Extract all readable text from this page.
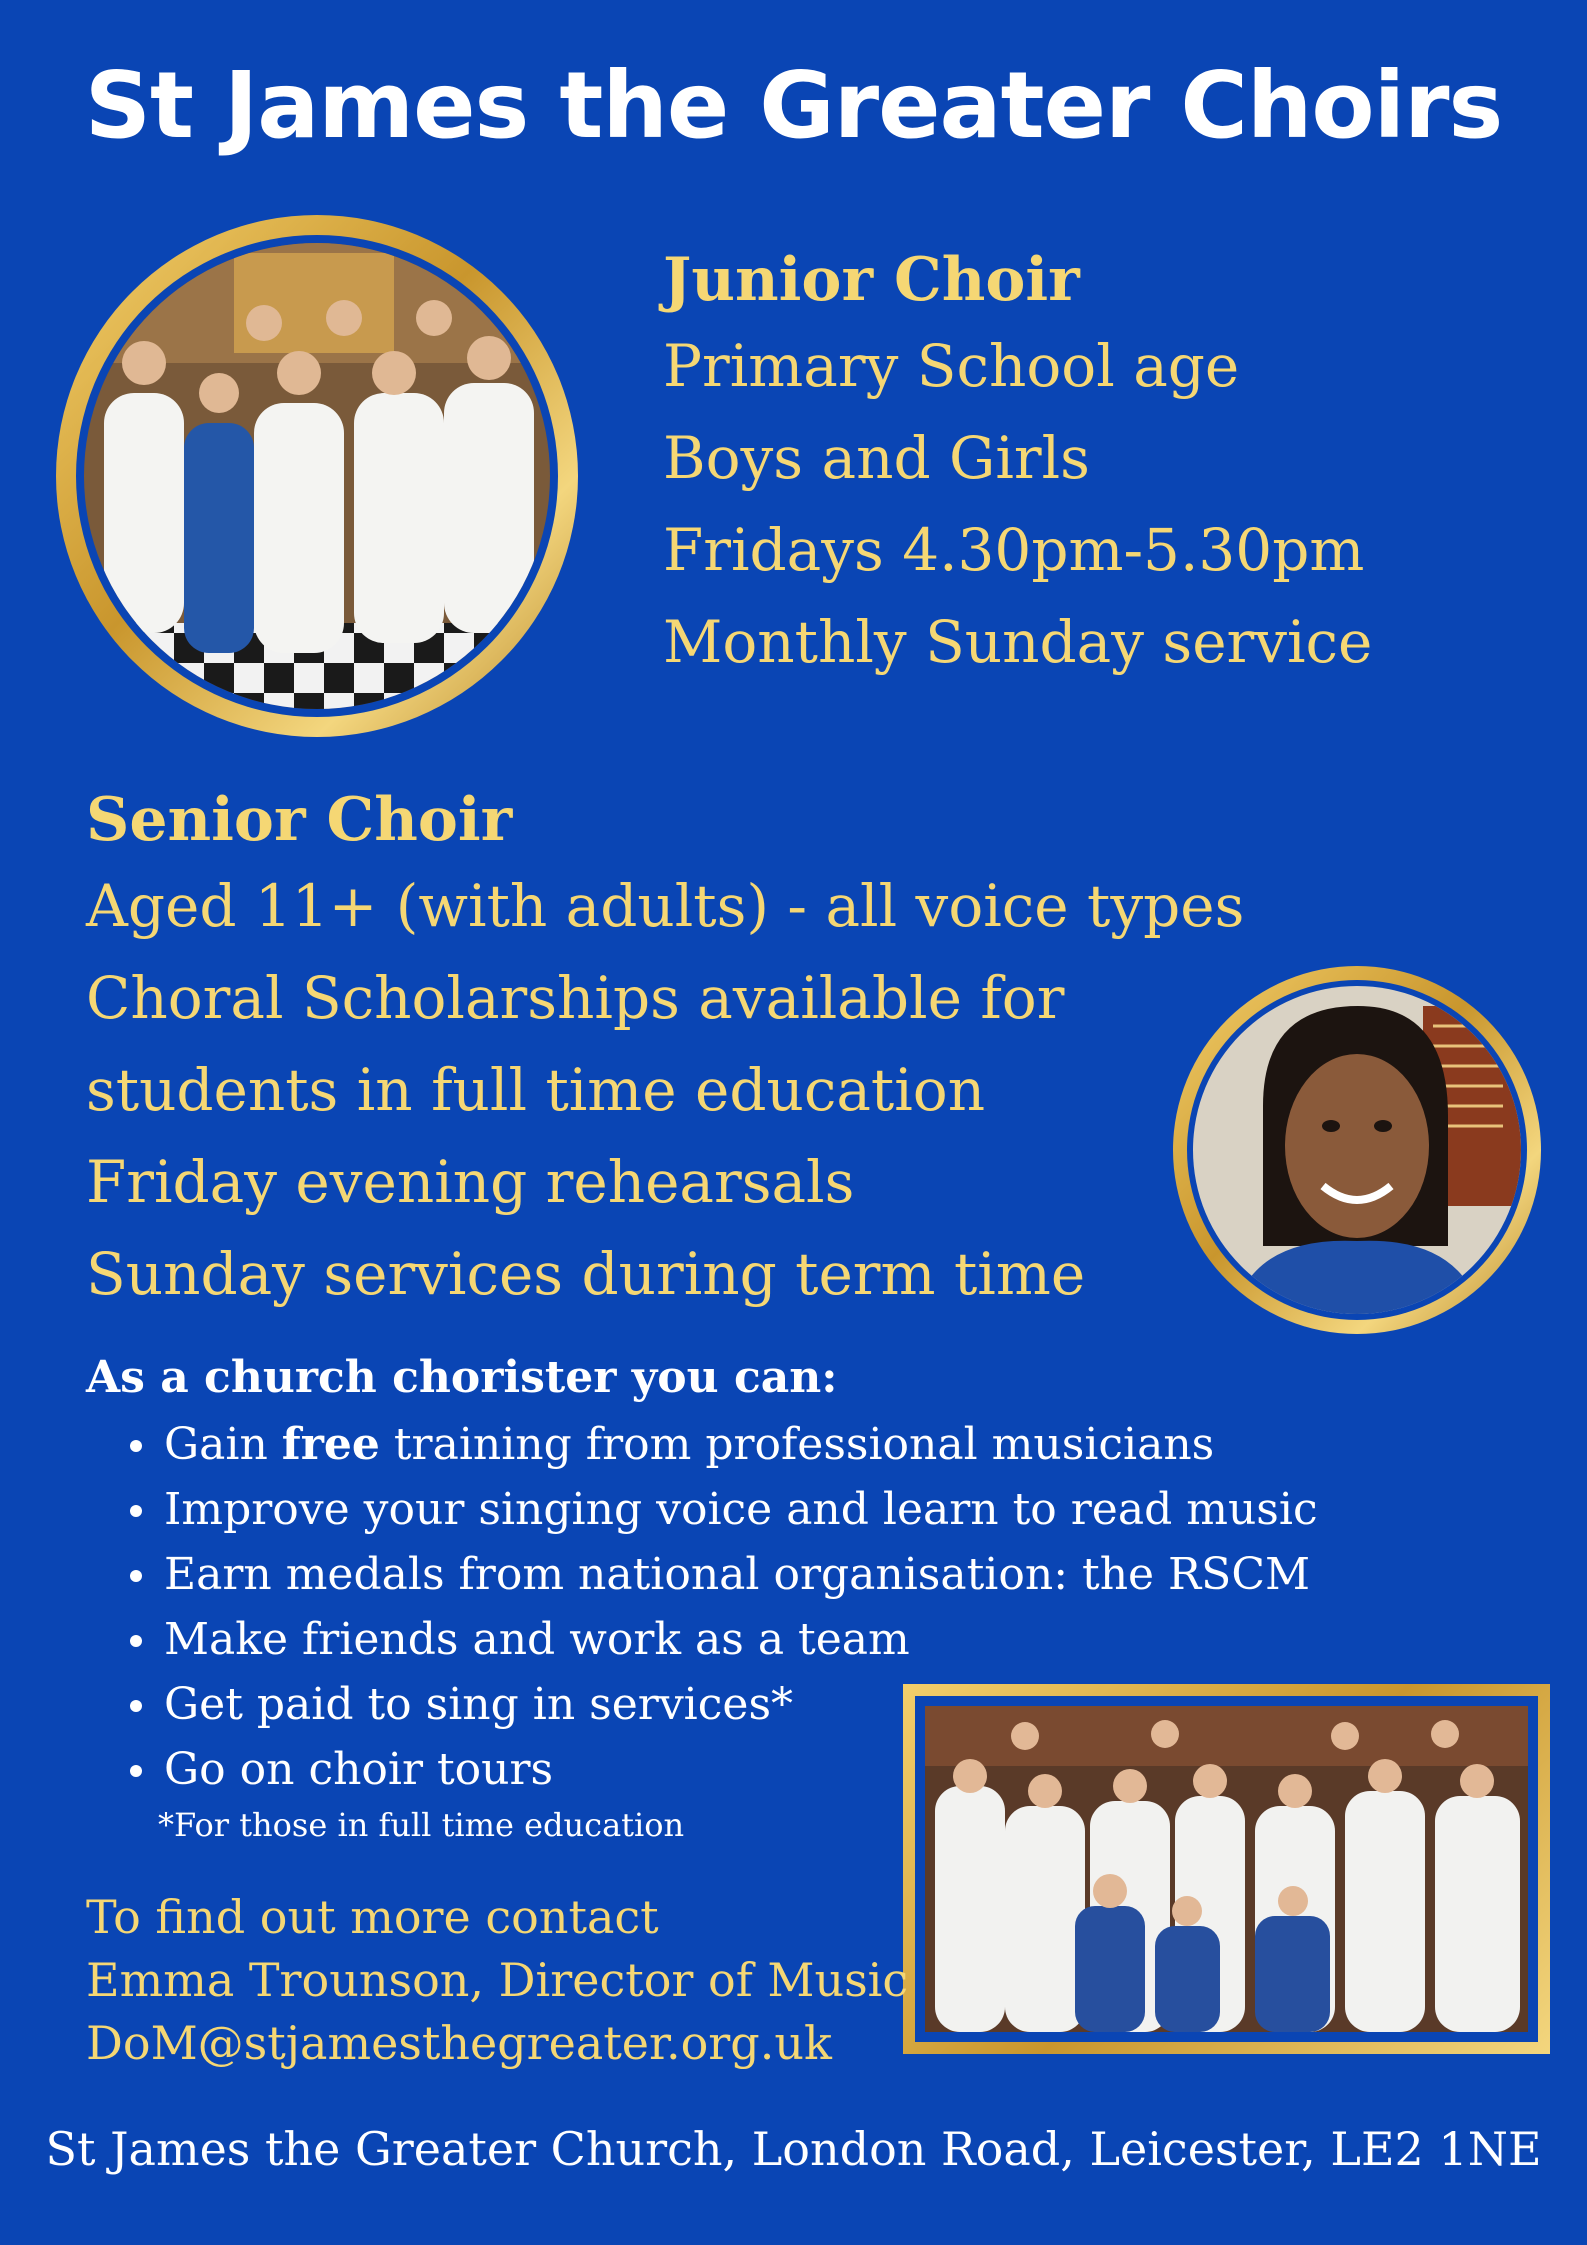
St James the Greater Choirs
Junior Choir
Primary School age
Boys and Girls
Fridays 4.30pm-5.30pm
Monthly Sunday service
Senior Choir
Aged 11+ (with adults) - all voice types
Choral Scholarships available for
students in full time education
Friday evening rehearsals
Sunday services during term time
As a church chorister you can:
Gain free training from professional musicians
Improve your singing voice and learn to read music
Earn medals from national organisation: the RSCM
Make friends and work as a team
Get paid to sing in services*
Go on choir tours
*For those in full time education
To find out more contact
Emma Trounson, Director of Music
DoM@stjamesthegreater.org.uk
St James the Greater Church, London Road, Leicester, LE2 1NE
